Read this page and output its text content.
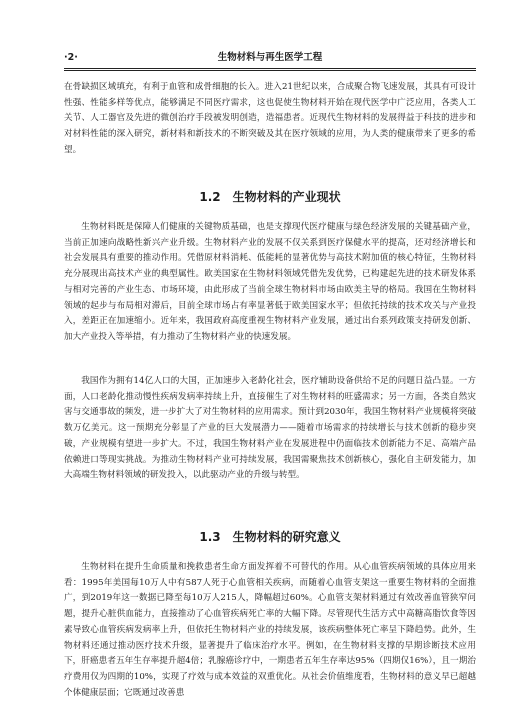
·2·	生物材料与再生医学工程

在骨缺损区域填充，有利于血管和成骨细胞的长入。进入21世纪以来，合成聚合物飞速发展，其具有可设计性强、性能多样等优点，能够满足不同医疗需求，这也促使生物材料开始在现代医学中广泛应用，各类人工关节、人工器官及先进的微创治疗手段被发明创造，造福患者。近现代生物材料的发展得益于科技的进步和对材料性能的深入研究，新材料和新技术的不断突破及其在医疗领域的应用，为人类的健康带来了更多的希望。

1.2 生物材料的产业现状

生物材料既是保障人们健康的关键物质基础，也是支撑现代医疗健康与绿色经济发展的关键基础产业，当前正加速向战略性新兴产业升级。生物材料产业的发展不仅关系到医疗保健水平的提高，还对经济增长和社会发展具有重要的推动作用。凭借原材料消耗、低能耗的显著优势与高技术附加值的核心特征，生物材料充分展现出高技术产业的典型属性。欧美国家在生物材料领域凭借先发优势，已构建起先进的技术研发体系与相对完善的产业生态、市场环境，由此形成了当前全球生物材料市场由欧美主导的格局。我国在生物材料领域的起步与布局相对滞后，目前全球市场占有率显著低于欧美国家水平；但依托持续的技术攻关与产业投入，差距正在加速缩小。近年来，我国政府高度重视生物材料产业发展，通过出台系列政策支持研发创新、加大产业投入等举措，有力推动了生物材料产业的快速发展。

我国作为拥有14亿人口的大国，正加速步入老龄化社会，医疗辅助设备供给不足的问题日益凸显。一方面，人口老龄化推动慢性疾病发病率持续上升，直接催生了对生物材料的旺盛需求；另一方面，各类自然灾害与交通事故的频发，进一步扩大了对生物材料的应用需求。预计到2030年，我国生物材料产业规模将突破数万亿美元。这一预期充分彰显了产业的巨大发展潜力——随着市场需求的持续增长与技术创新的稳步突破，产业规模有望进一步扩大。不过，我国生物材料产业在发展进程中仍面临技术创新能力不足、高端产品依赖进口等现实挑战。为推动生物材料产业可持续发展，我国需聚焦技术创新核心，强化自主研发能力，加大高端生物材料领域的研发投入，以此驱动产业的升级与转型。

1.3 生物材料的研究意义

生物材料在提升生命质量和挽救患者生命方面发挥着不可替代的作用。从心血管疾病领域的具体应用来看：1995年美国每10万人中有587人死于心血管相关疾病，而随着心血管支架这一重要生物材料的全面推广，到2019年这一数据已降至每10万人215人，降幅超过60%。心血管支架材料通过有效改善血管狭窄问题，提升心脏供血能力，直接推动了心血管疾病死亡率的大幅下降。尽管现代生活方式中高糖高脂饮食等因素导致心血管疾病发病率上升，但依托生物材料产业的持续发展，该疾病整体死亡率呈下降趋势。此外，生物材料还通过推动医疗技术升级，显著提升了临床治疗水平。例如，在生物材料支撑的早期诊断技术应用下，肝癌患者五年生存率提升超4倍；乳腺癌诊疗中，一期患者五年生存率达95%（四期仅16%），且一期治疗费用仅为四期的10%，实现了疗效与成本效益的双重优化。从社会价值维度看，生物材料的意义早已超越个体健康层面；它既通过改善患
